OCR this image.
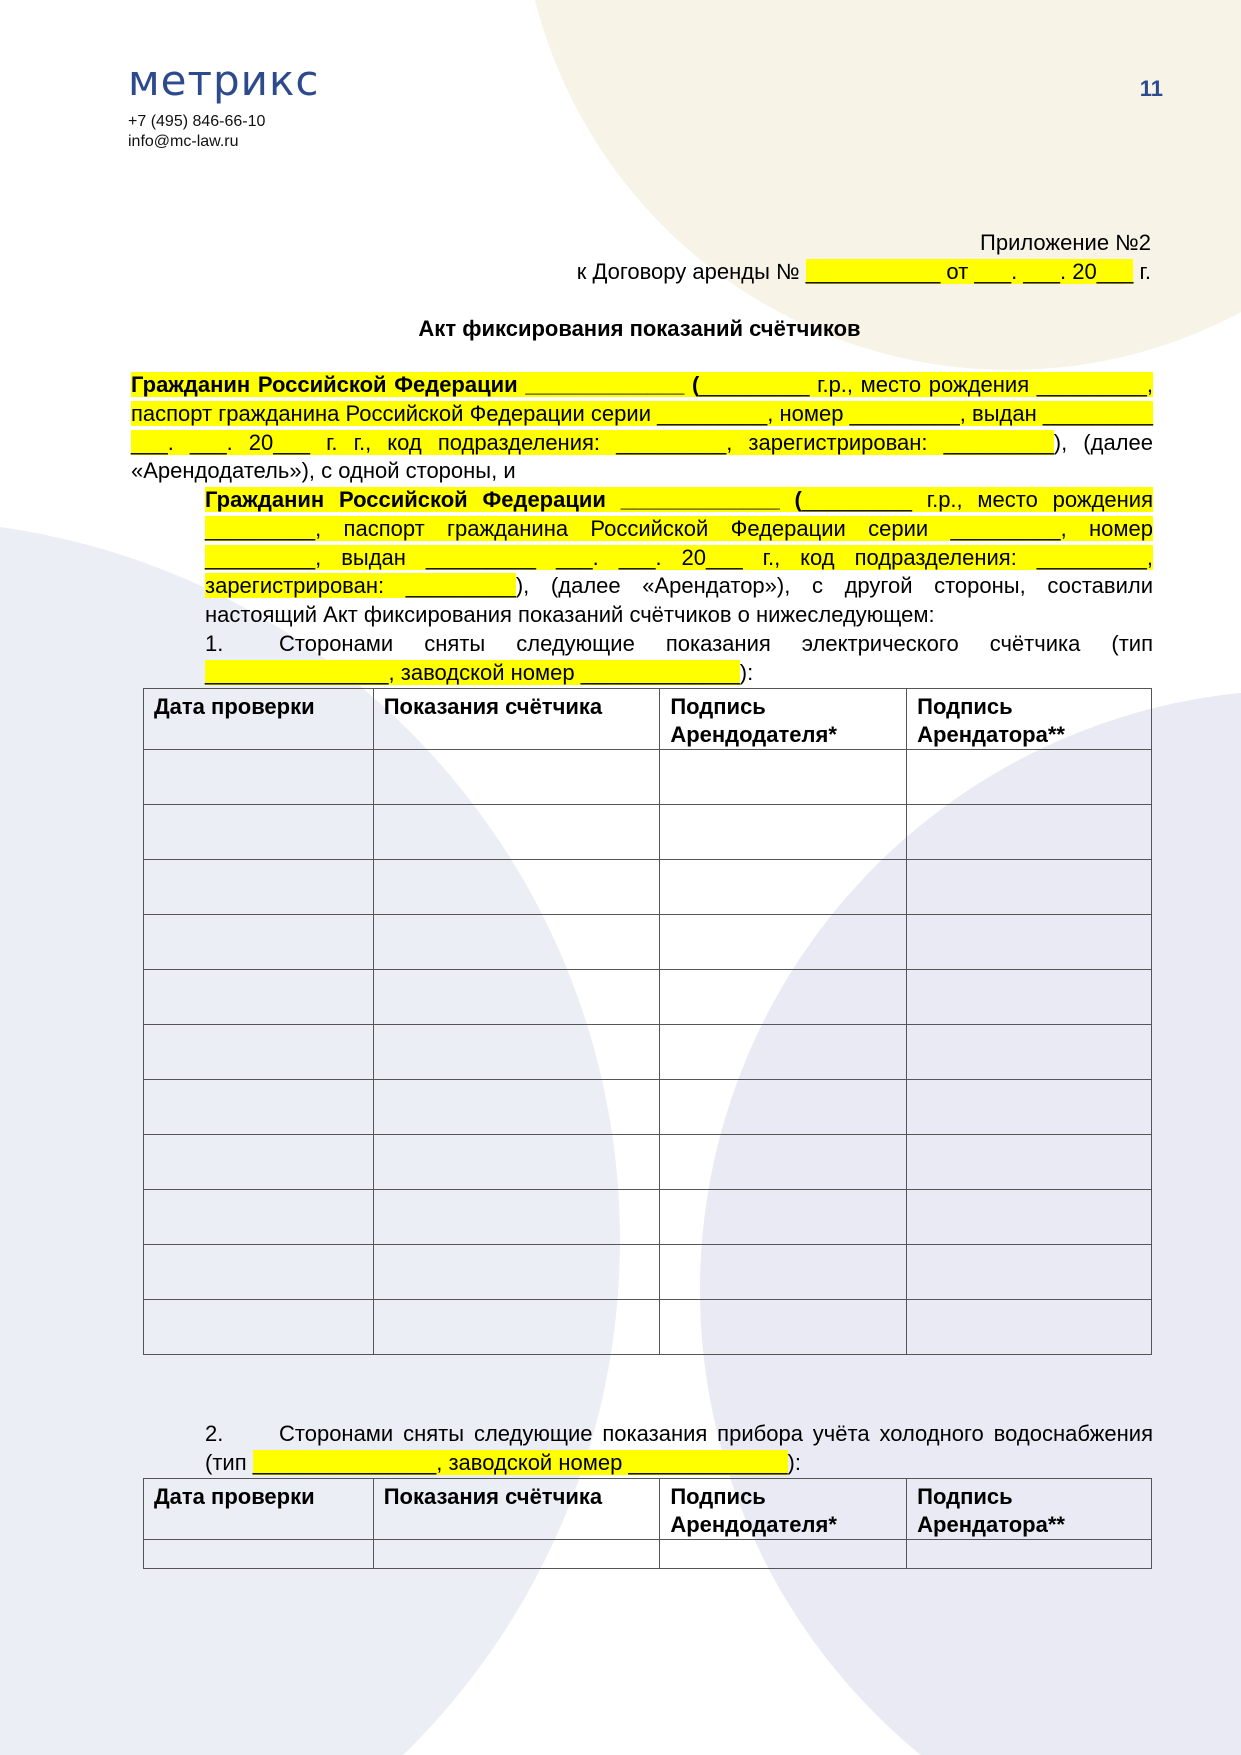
метрикс
+7 (495) 846-66-10
info@mc-law.ru
11
Приложение №2
к Договору аренды № ___________ от ___. ___. 20___ г.
Акт фиксирования показаний счётчиков
Гражданин Российской Федерации _____________ (_________ г.р., место рождения _________, паспорт гражданина Российской Федерации серии _________, номер _________, выдан _________ ___. ___. 20___ г. г., код подразделения: _________, зарегистрирован: _________), (далее «Арендодатель»), с одной стороны, и
Гражданин Российской Федерации _____________ (_________ г.р., место рождения _________, паспорт гражданина Российской Федерации серии _________, номер _________, выдан _________ ___. ___. 20___ г., код подразделения: _________, зарегистрирован: _________), (далее «Арендатор»), с другой стороны, составили настоящий Акт фиксирования показаний счётчиков о нижеследующем:
1.	Сторонами сняты следующие показания электрического счётчика (тип _______________, заводской номер _____________):
Дата проверки	Показания счётчика	Подпись Арендодателя*	Подпись Арендатора**

2.	Сторонами сняты следующие показания прибора учёта холодного водоснабжения (тип _______________, заводской номер _____________):
Дата проверки	Показания счётчика	Подпись Арендодателя*	Подпись Арендатора**
